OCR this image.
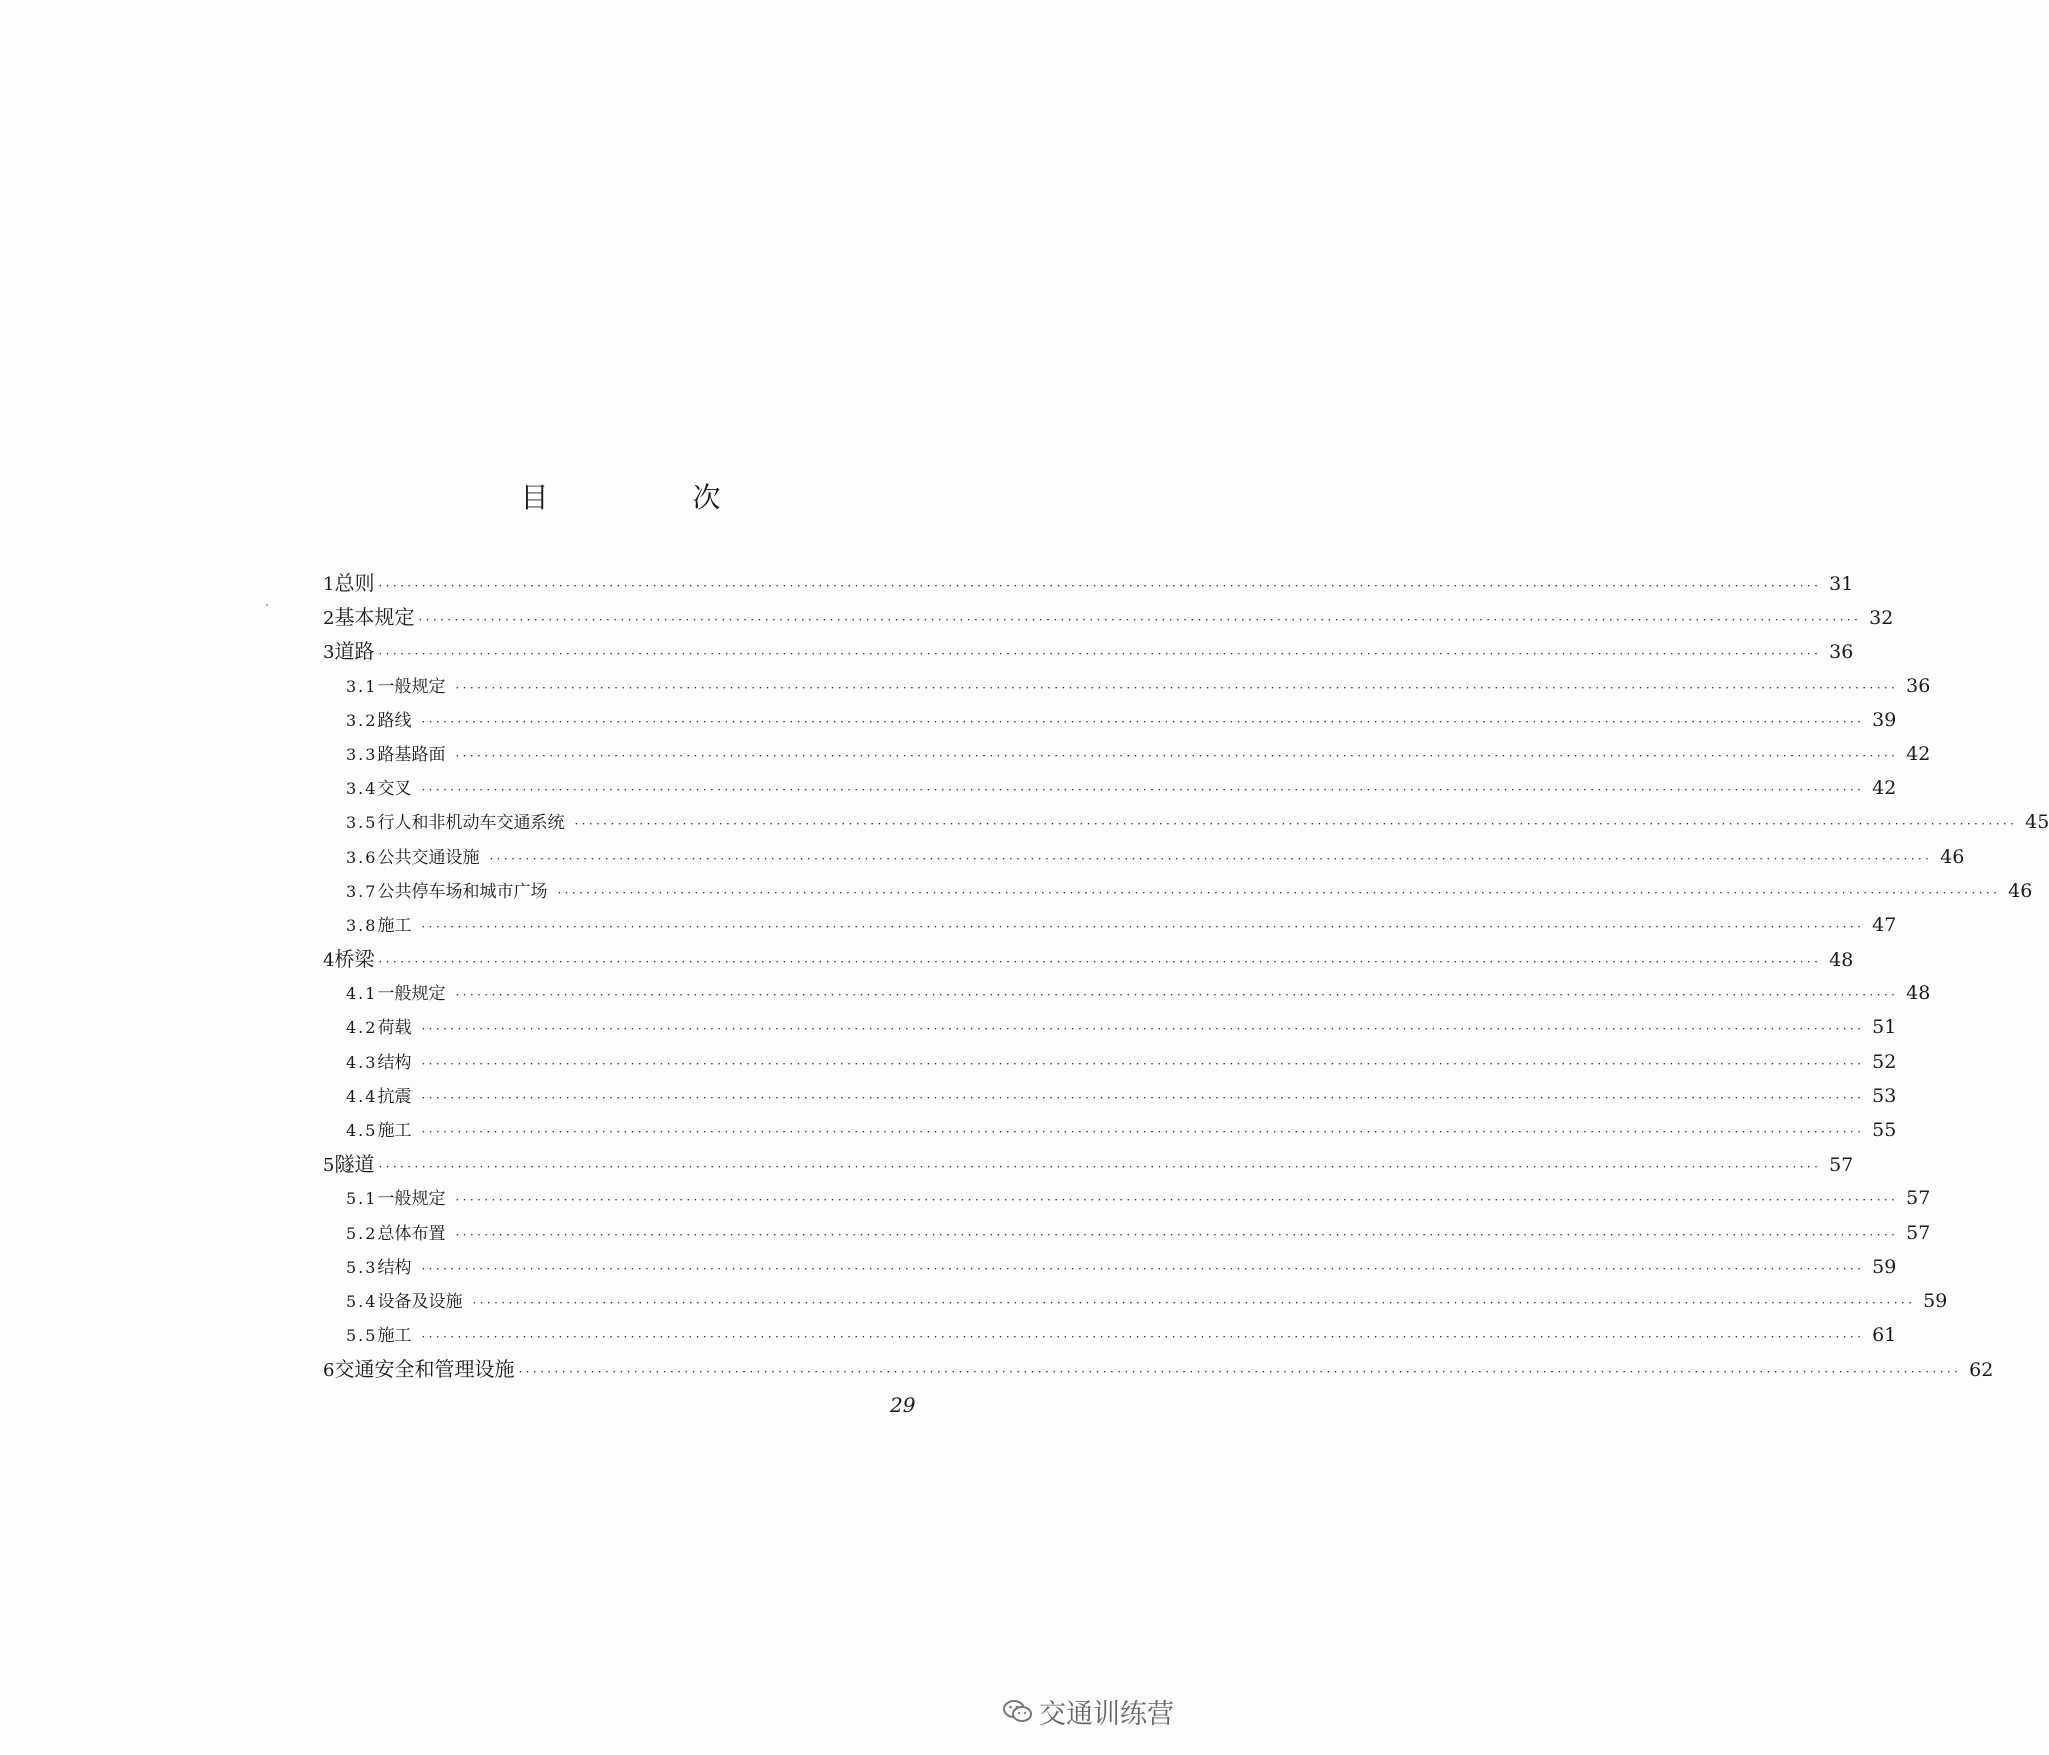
目　次
1 总则 ········································································································································································································ 31
2 基本规定 ········································································································································································································ 32
3 道路 ········································································································································································································ 36
3.1 一般规定 ········································································································································································································ 36
3.2 路线 ········································································································································································································ 39
3.3 路基路面 ········································································································································································································ 42
3.4 交叉 ········································································································································································································ 42
3.5 行人和非机动车交通系统 ········································································································································································································ 45
3.6 公共交通设施 ········································································································································································································ 46
3.7 公共停车场和城市广场 ········································································································································································································ 46
3.8 施工 ········································································································································································································ 47
4 桥梁 ········································································································································································································ 48
4.1 一般规定 ········································································································································································································ 48
4.2 荷载 ········································································································································································································ 51
4.3 结构 ········································································································································································································ 52
4.4 抗震 ········································································································································································································ 53
4.5 施工 ········································································································································································································ 55
5 隧道 ········································································································································································································ 57
5.1 一般规定 ········································································································································································································ 57
5.2 总体布置 ········································································································································································································ 57
5.3 结构 ········································································································································································································ 59
5.4 设备及设施 ········································································································································································································ 59
5.5 施工 ········································································································································································································ 61
6 交通安全和管理设施 ········································································································································································································ 62
29
交通训练营
